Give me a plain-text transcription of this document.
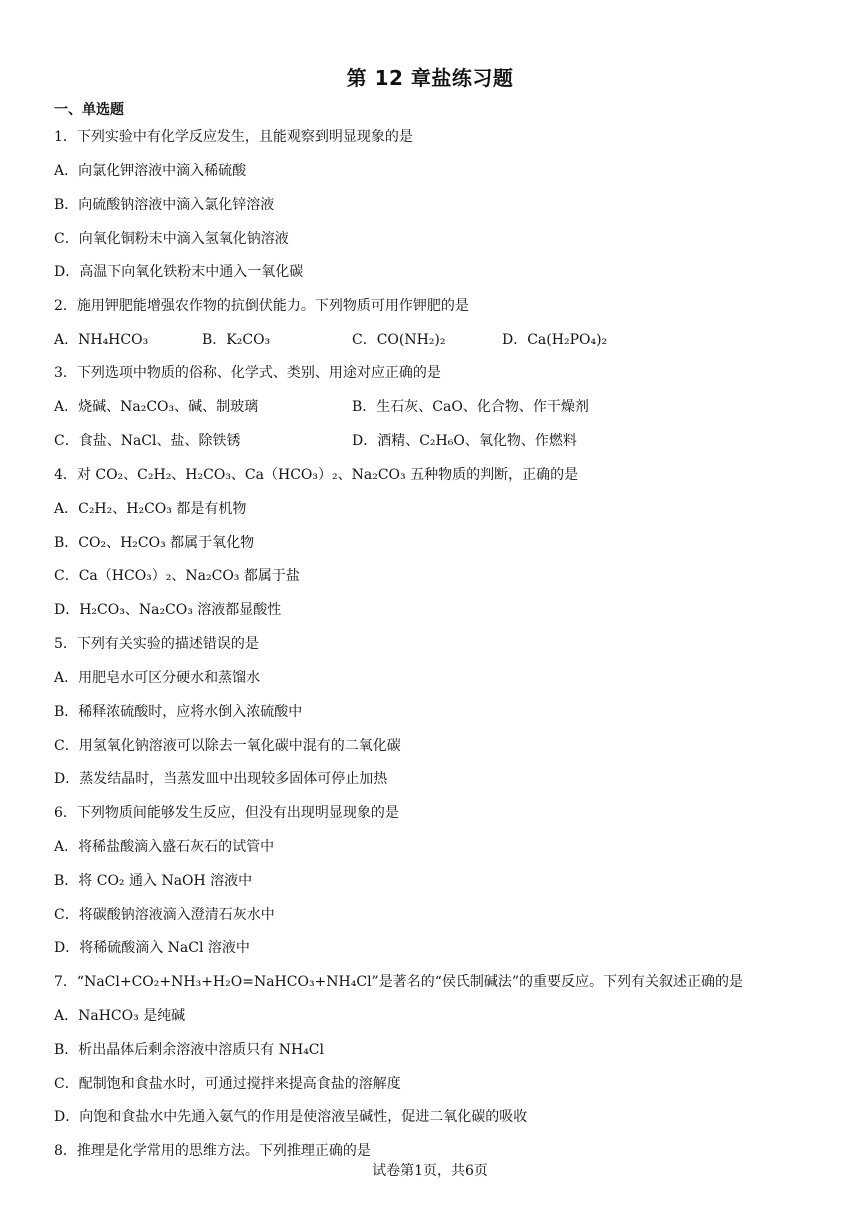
第 12 章盐练习题
一、单选题
1．下列实验中有化学反应发生，且能观察到明显现象的是
A．向氯化钾溶液中滴入稀硫酸
B．向硫酸钠溶液中滴入氯化锌溶液
C．向氧化铜粉末中滴入氢氧化钠溶液
D．高温下向氧化铁粉末中通入一氧化碳
2．施用钾肥能增强农作物的抗倒伏能力。下列物质可用作钾肥的是
A．NH₄HCO₃	B．K₂CO₃	C．CO(NH₂)₂	D．Ca(H₂PO₄)₂
3．下列选项中物质的俗称、化学式、类别、用途对应正确的是
A．烧碱、Na₂CO₃、碱、制玻璃	B．生石灰、CaO、化合物、作干燥剂
C．食盐、NaCl、盐、除铁锈	D．酒精、C₂H₆O、氧化物、作燃料
4．对 CO₂、C₂H₂、H₂CO₃、Ca（HCO₃）₂、Na₂CO₃ 五种物质的判断，正确的是
A．C₂H₂、H₂CO₃ 都是有机物
B．CO₂、H₂CO₃ 都属于氧化物
C．Ca（HCO₃）₂、Na₂CO₃ 都属于盐
D．H₂CO₃、Na₂CO₃ 溶液都显酸性
5．下列有关实验的描述错误的是
A．用肥皂水可区分硬水和蒸馏水
B．稀释浓硫酸时，应将水倒入浓硫酸中
C．用氢氧化钠溶液可以除去一氧化碳中混有的二氧化碳
D．蒸发结晶时，当蒸发皿中出现较多固体可停止加热
6．下列物质间能够发生反应，但没有出现明显现象的是
A．将稀盐酸滴入盛石灰石的试管中
B．将 CO₂ 通入 NaOH 溶液中
C．将碳酸钠溶液滴入澄清石灰水中
D．将稀硫酸滴入 NaCl 溶液中
7．“NaCl+CO₂+NH₃+H₂O=NaHCO₃+NH₄Cl”是著名的“侯氏制碱法”的重要反应。下列有关叙述正确的是
A．NaHCO₃ 是纯碱
B．析出晶体后剩余溶液中溶质只有 NH₄Cl
C．配制饱和食盐水时，可通过搅拌来提高食盐的溶解度
D．向饱和食盐水中先通入氨气的作用是使溶液呈碱性，促进二氧化碳的吸收
8．推理是化学常用的思维方法。下列推理正确的是
试卷第1页，共6页
